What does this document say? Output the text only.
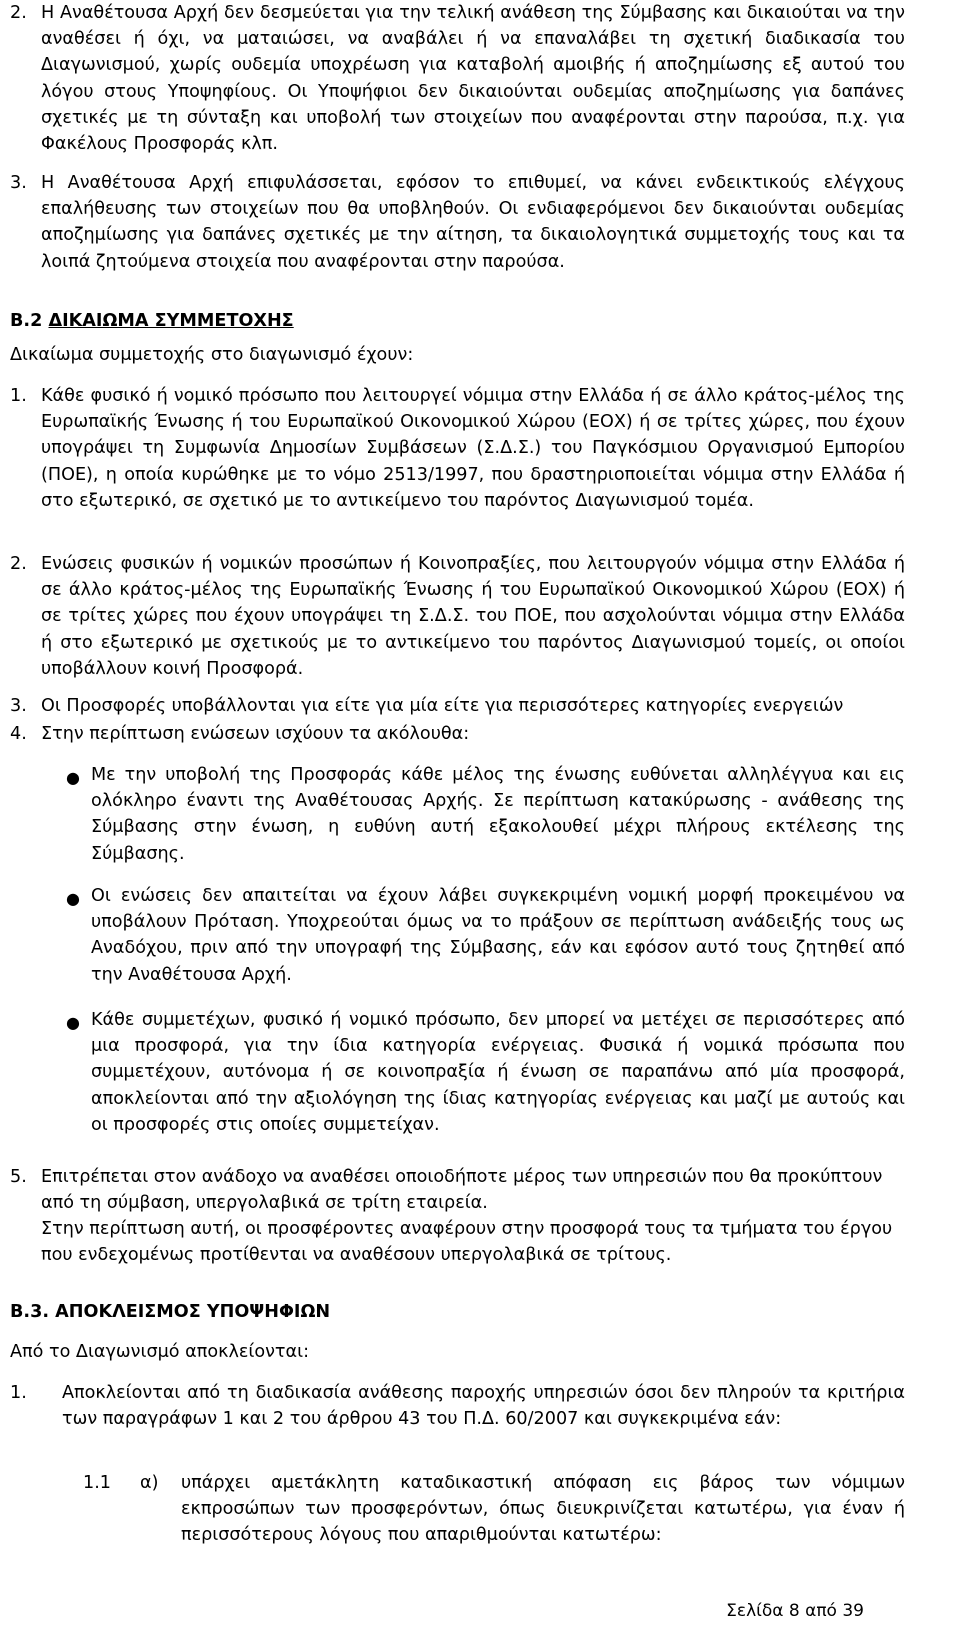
2. Η Αναθέτουσα Αρχή δεν δεσμεύεται για την τελική ανάθεση της Σύμβασης και δικαιούται να την αναθέσει ή όχι, να ματαιώσει, να αναβάλει ή να επαναλάβει τη σχετική διαδικασία του Διαγωνισμού, χωρίς ουδεμία υποχρέωση για καταβολή αμοιβής ή αποζημίωσης εξ αυτού του λόγου στους Υποψηφίους. Οι Υποψήφιοι δεν δικαιούνται ουδεμίας αποζημίωσης για δαπάνες σχετικές με τη σύνταξη και υποβολή των στοιχείων που αναφέρονται στην παρούσα, π.χ. για Φακέλους Προσφοράς κλπ.

3. Η Αναθέτουσα Αρχή επιφυλάσσεται, εφόσον το επιθυμεί, να κάνει ενδεικτικούς ελέγχους επαλήθευσης των στοιχείων που θα υποβληθούν. Οι ενδιαφερόμενοι δεν δικαιούνται ουδεμίας αποζημίωσης για δαπάνες σχετικές με την αίτηση, τα δικαιολογητικά συμμετοχής τους και τα λοιπά ζητούμενα στοιχεία που αναφέρονται στην παρούσα.

Β.2 ΔΙΚΑΙΩΜΑ ΣΥΜΜΕΤΟΧΗΣ

Δικαίωμα συμμετοχής στο διαγωνισμό έχουν:

1. Κάθε φυσικό ή νομικό πρόσωπο που λειτουργεί νόμιμα στην Ελλάδα ή σε άλλο κράτος-μέλος της Ευρωπαϊκής Ένωσης ή του Ευρωπαϊκού Οικονομικού Χώρου (ΕΟΧ) ή σε τρίτες χώρες, που έχουν υπογράψει τη Συμφωνία Δημοσίων Συμβάσεων (Σ.Δ.Σ.) του Παγκόσμιου Οργανισμού Εμπορίου (ΠΟΕ), η οποία κυρώθηκε με το νόμο 2513/1997, που δραστηριοποιείται νόμιμα στην Ελλάδα ή στο εξωτερικό, σε σχετικό με το αντικείμενο του παρόντος Διαγωνισμού τομέα.

2. Ενώσεις φυσικών ή νομικών προσώπων ή Κοινοπραξίες, που λειτουργούν νόμιμα στην Ελλάδα ή σε άλλο κράτος-μέλος της Ευρωπαϊκής Ένωσης ή του Ευρωπαϊκού Οικονομικού Χώρου (ΕΟΧ) ή σε τρίτες χώρες που έχουν υπογράψει τη Σ.Δ.Σ. του ΠΟΕ, που ασχολούνται νόμιμα στην Ελλάδα ή στο εξωτερικό με σχετικούς με το αντικείμενο του παρόντος Διαγωνισμού τομείς, οι οποίοι υποβάλλουν κοινή Προσφορά.

3. Οι Προσφορές υποβάλλονται για είτε για μία είτε για περισσότερες κατηγορίες ενεργειών

4. Στην περίπτωση ενώσεων ισχύουν τα ακόλουθα:

● Με την υποβολή της Προσφοράς κάθε μέλος της ένωσης ευθύνεται αλληλέγγυα και εις ολόκληρο έναντι της Αναθέτουσας Αρχής. Σε περίπτωση κατακύρωσης - ανάθεσης της Σύμβασης στην ένωση, η ευθύνη αυτή εξακολουθεί μέχρι πλήρους εκτέλεσης της Σύμβασης.

● Οι ενώσεις δεν απαιτείται να έχουν λάβει συγκεκριμένη νομική μορφή προκειμένου να υποβάλουν Πρόταση. Υποχρεούται όμως να το πράξουν σε περίπτωση ανάδειξής τους ως Αναδόχου, πριν από την υπογραφή της Σύμβασης, εάν και εφόσον αυτό τους ζητηθεί από την Αναθέτουσα Αρχή.

● Κάθε συμμετέχων, φυσικό ή νομικό πρόσωπο, δεν μπορεί να μετέχει σε περισσότερες από μια προσφορά, για την ίδια κατηγορία ενέργειας. Φυσικά ή νομικά πρόσωπα που συμμετέχουν, αυτόνομα ή σε κοινοπραξία ή ένωση σε παραπάνω από μία προσφορά, αποκλείονται από την αξιολόγηση της ίδιας κατηγορίας ενέργειας και μαζί με αυτούς και οι προσφορές στις οποίες συμμετείχαν.

5. Επιτρέπεται στον ανάδοχο να αναθέσει οποιοδήποτε μέρος των υπηρεσιών που θα προκύπτουν από τη σύμβαση, υπεργολαβικά σε τρίτη εταιρεία.

Στην περίπτωση αυτή, οι προσφέροντες αναφέρουν στην προσφορά τους τα τμήματα του έργου που ενδεχομένως προτίθενται να αναθέσουν υπεργολαβικά σε τρίτους.

Β.3. ΑΠΟΚΛΕΙΣΜΟΣ ΥΠΟΨΗΦΙΩΝ

Από το Διαγωνισμό αποκλείονται:

1. Αποκλείονται από τη διαδικασία ανάθεσης παροχής υπηρεσιών όσοι δεν πληρούν τα κριτήρια των παραγράφων 1 και 2 του άρθρου 43 του Π.Δ. 60/2007 και συγκεκριμένα εάν:

1.1 α) υπάρχει αμετάκλητη καταδικαστική απόφαση εις βάρος των νόμιμων εκπροσώπων των προσφερόντων, όπως διευκρινίζεται κατωτέρω, για έναν ή περισσότερους λόγους που απαριθμούνται κατωτέρω:

Σελίδα 8 από 39
